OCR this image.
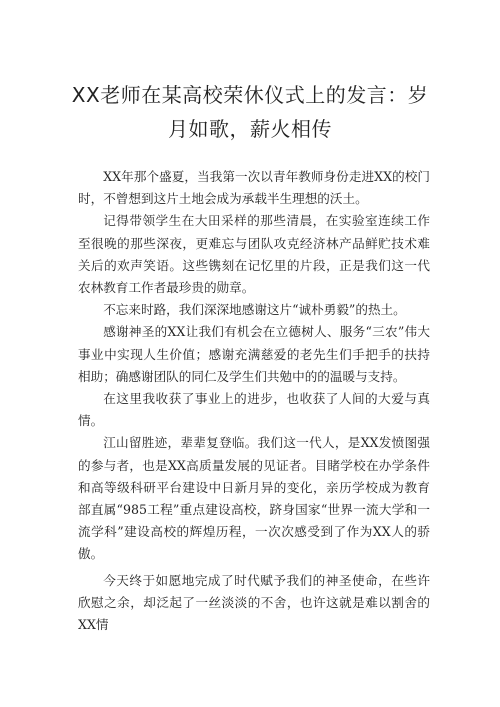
XX老师在某高校荣休仪式上的发言：岁月如歌，薪火相传

XX年那个盛夏，当我第一次以青年教师身份走进XX的校门时，不曾想到这片土地会成为承载半生理想的沃土。

记得带领学生在大田采样的那些清晨，在实验室连续工作至很晚的那些深夜，更难忘与团队攻克经济林产品鲜贮技术难关后的欢声笑语。这些镌刻在记忆里的片段，正是我们这一代农林教育工作者最珍贵的勋章。

不忘来时路，我们深深地感谢这片“诚朴勇毅”的热土。

感谢神圣的XX让我们有机会在立德树人、服务“三农”伟大事业中实现人生价值；感谢充满慈爱的老先生们手把手的扶持相助；确感谢团队的同仁及学生们共勉中的的温暖与支持。

在这里我收获了事业上的进步，也收获了人间的大爱与真情。

江山留胜迹，辈辈复登临。我们这一代人，是XX发愤图强的参与者，也是XX高质量发展的见证者。目睹学校在办学条件和高等级科研平台建设中日新月异的变化，亲历学校成为教育部直属“985工程”重点建设高校，跻身国家“世界一流大学和一流学科”建设高校的辉煌历程，一次次感受到了作为XX人的骄傲。

今天终于如愿地完成了时代赋予我们的神圣使命，在些许欣慰之余，却泛起了一丝淡淡的不舍，也许这就是难以割舍的XX情
